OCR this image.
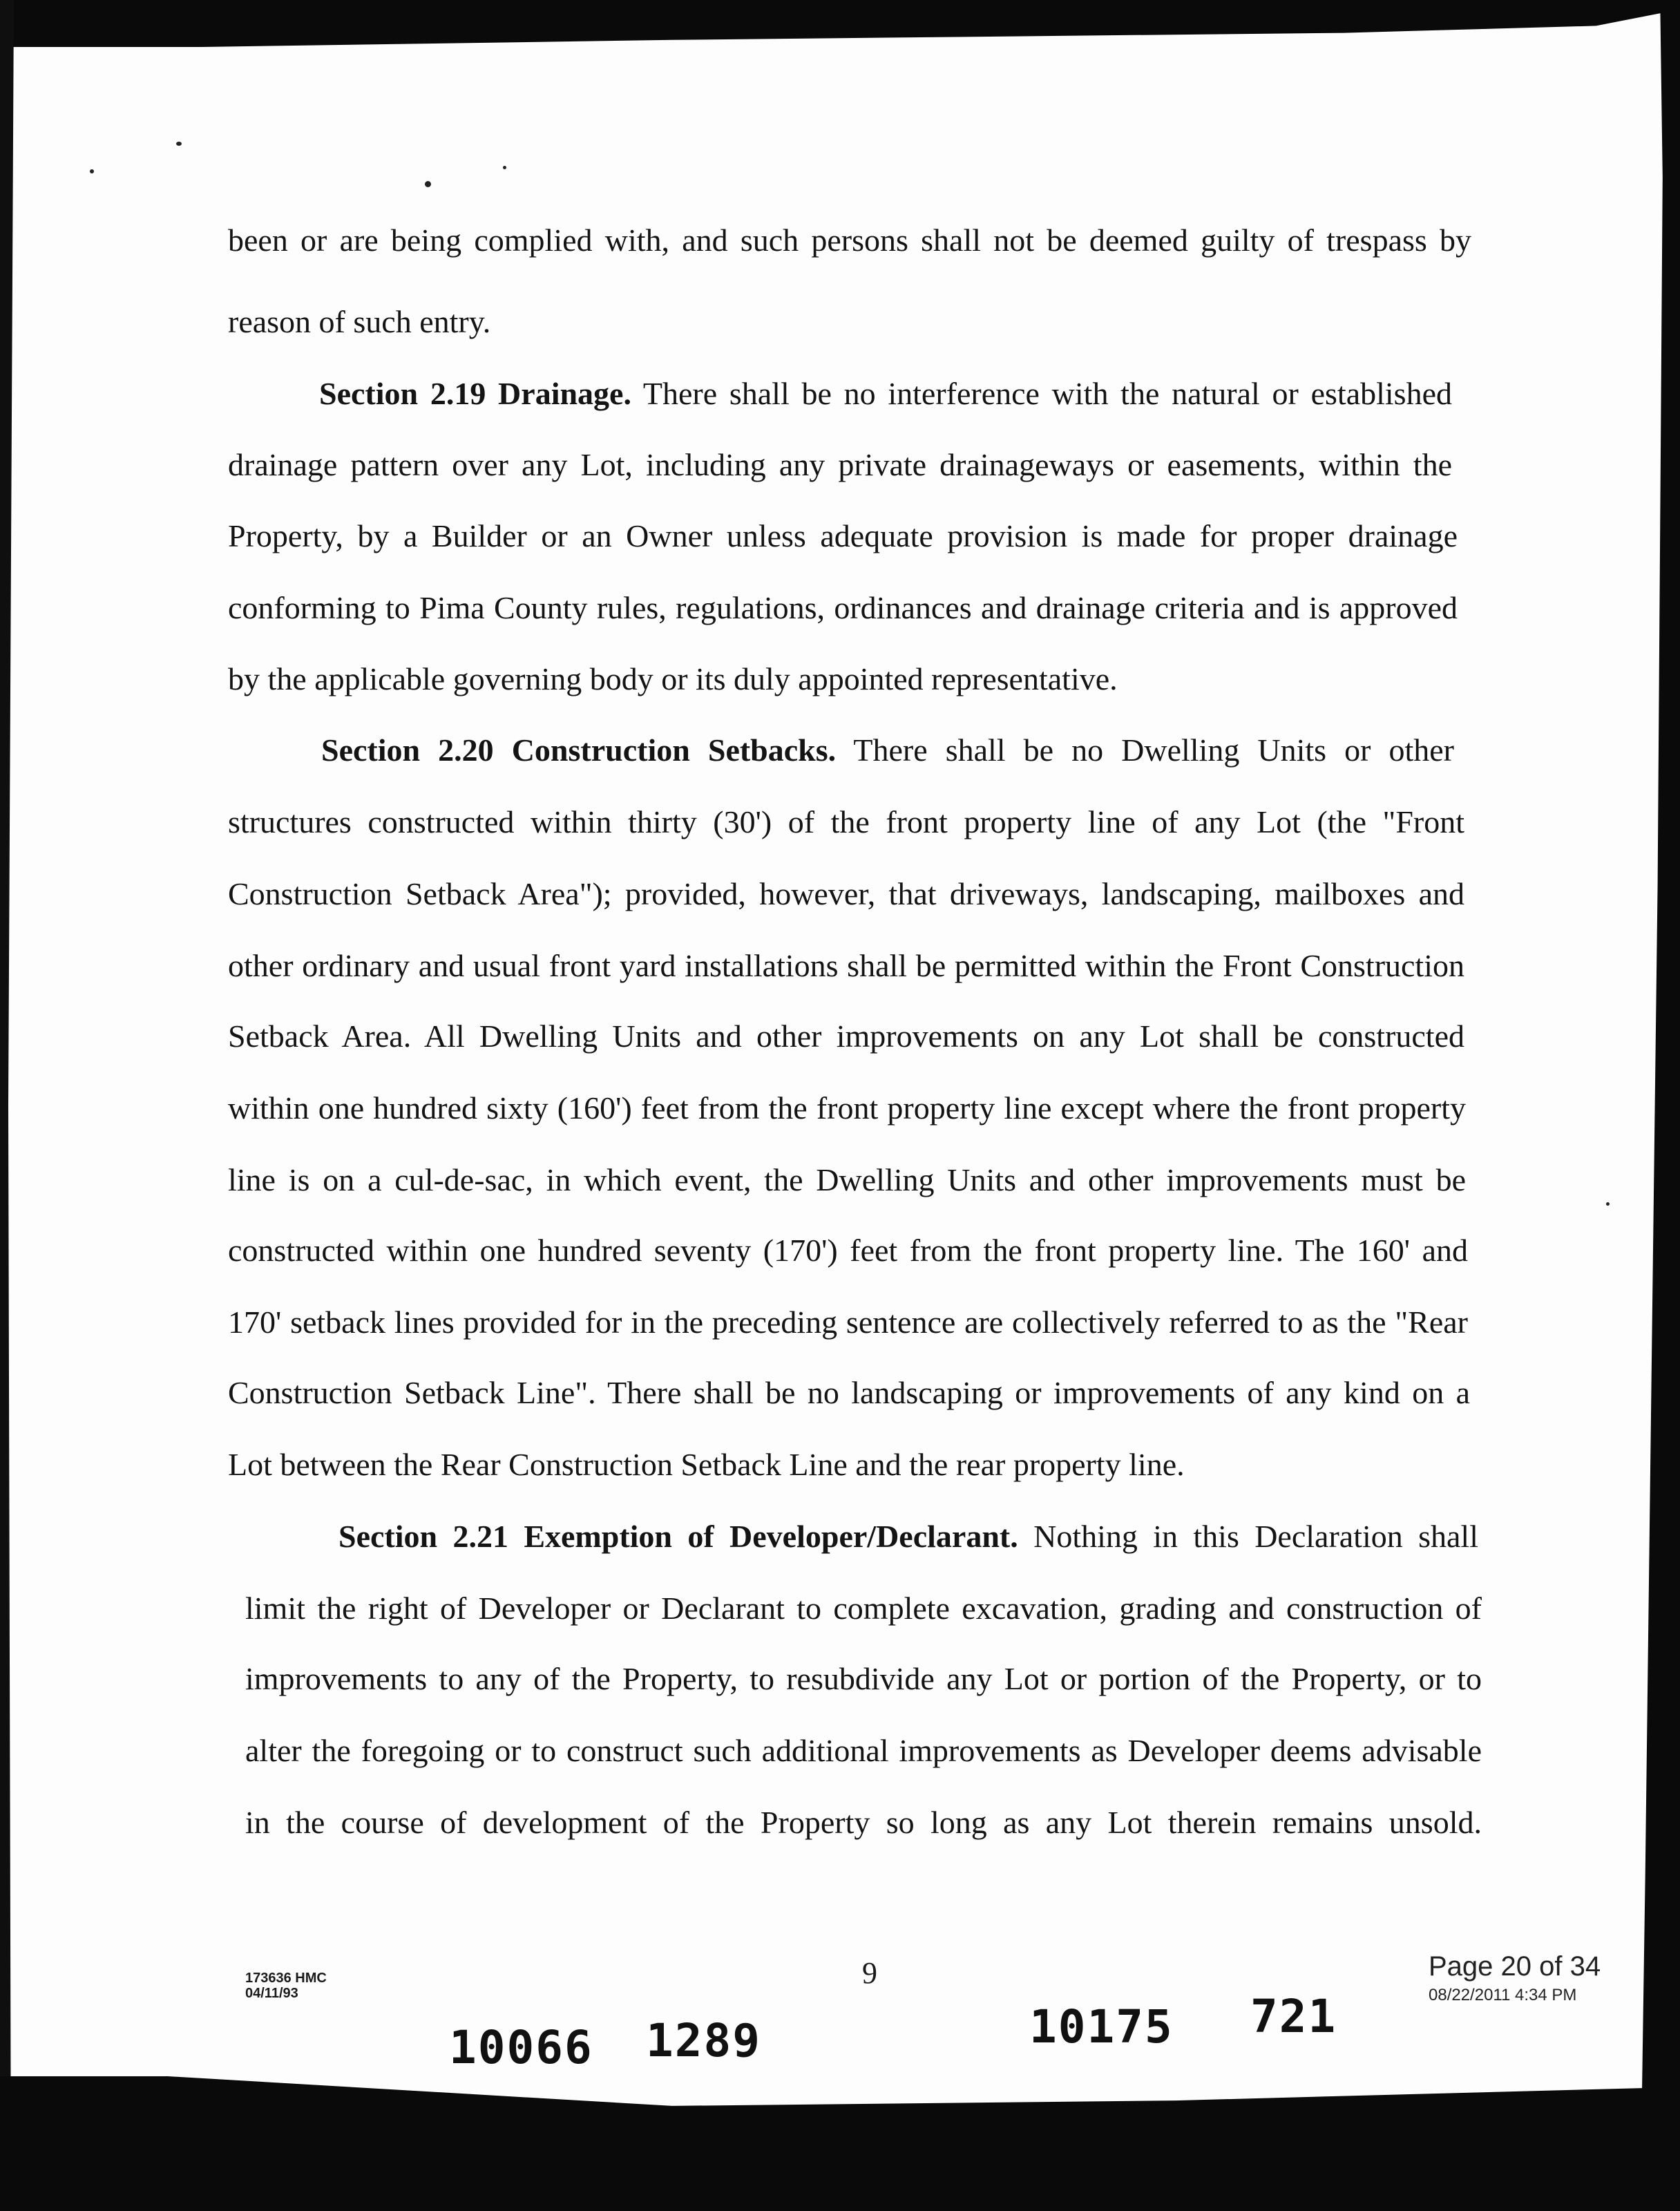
been or are being complied with, and such persons shall not be deemed guilty of trespass by
reason of such entry.
Section 2.19 Drainage. There shall be no interference with the natural or established
drainage pattern over any Lot, including any private drainageways or easements, within the
Property, by a Builder or an Owner unless adequate provision is made for proper drainage
conforming to Pima County rules, regulations, ordinances and drainage criteria and is approved
by the applicable governing body or its duly appointed representative.
Section 2.20 Construction Setbacks. There shall be no Dwelling Units or other
structures constructed within thirty (30') of the front property line of any Lot (the "Front
Construction Setback Area"); provided, however, that driveways, landscaping, mailboxes and
other ordinary and usual front yard installations shall be permitted within the Front Construction
Setback Area. All Dwelling Units and other improvements on any Lot shall be constructed
within one hundred sixty (160') feet from the front property line except where the front property
line is on a cul-de-sac, in which event, the Dwelling Units and other improvements must be
constructed within one hundred seventy (170') feet from the front property line. The 160' and
170' setback lines provided for in the preceding sentence are collectively referred to as the "Rear
Construction Setback Line". There shall be no landscaping or improvements of any kind on a
Lot between the Rear Construction Setback Line and the rear property line.
Section 2.21 Exemption of Developer/Declarant. Nothing in this Declaration shall
limit the right of Developer or Declarant to complete excavation, grading and construction of
improvements to any of the Property, to resubdivide any Lot or portion of the Property, or to
alter the foregoing or to construct such additional improvements as Developer deems advisable
in the course of development of the Property so long as any Lot therein remains unsold.
173636 HMC
04/11/93
9	Page 20 of 34
08/22/2011 4:34 PM
10066 1289	10175 721
